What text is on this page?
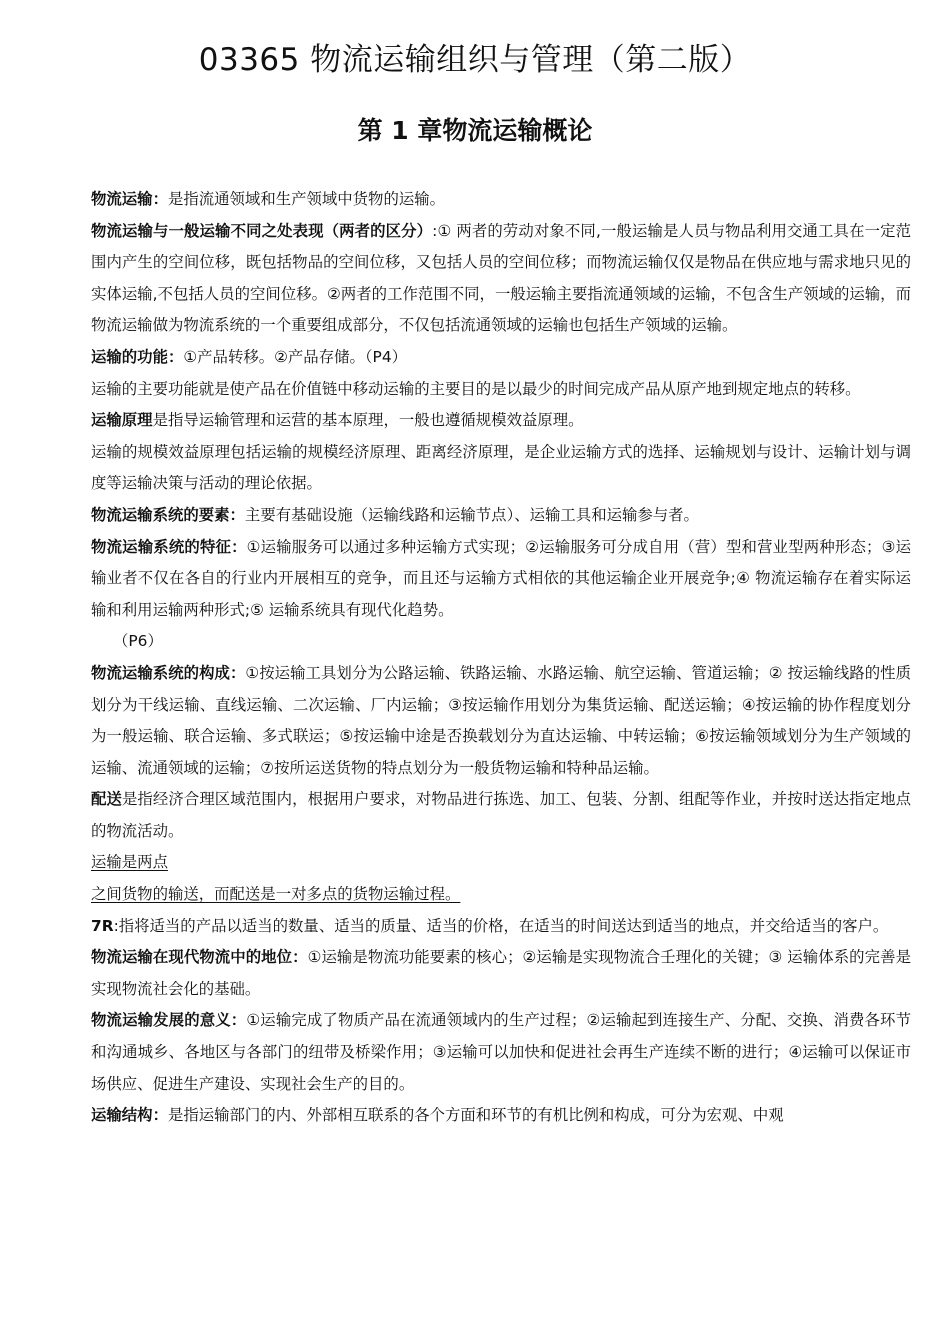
03365 物流运输组织与管理（第二版）
第 1 章物流运输概论

物流运输：是指流通领域和生产领域中货物的运输。

物流运输与一般运输不同之处表现（两者的区分）:① 两者的劳动对象不同,一般运输是人员与物品利用交通工具在一定范围内产生的空间位移，既包括物品的空间位移，又包括人员的空间位移；而物流运输仅仅是物品在供应地与需求地只见的实体运输,不包括人员的空间位移。②两者的工作范围不同，一般运输主要指流通领域的运输，不包含生产领域的运输，而物流运输做为物流系统的一个重要组成部分，不仅包括流通领域的运输也包括生产领域的运输。

运输的功能：①产品转移。②产品存储。（P4）

运输的主要功能就是使产品在价值链中移动运输的主要目的是以最少的时间完成产品从原产地到规定地点的转移。

运输原理是指导运输管理和运营的基本原理，一般也遵循规模效益原理。

运输的规模效益原理包括运输的规模经济原理、距离经济原理，是企业运输方式的选择、运输规划与设计、运输计划与调度等运输决策与活动的理论依据。

物流运输系统的要素：主要有基础设施（运输线路和运输节点）、运输工具和运输参与者。

物流运输系统的特征：①运输服务可以通过多种运输方式实现；②运输服务可分成自用（营）型和营业型两种形态；③运输业者不仅在各自的行业内开展相互的竞争，而且还与运输方式相依的其他运输企业开展竞争;④ 物流运输存在着实际运输和利用运输两种形式;⑤ 运输系统具有现代化趋势。

（P6）

物流运输系统的构成：①按运输工具划分为公路运输、铁路运输、水路运输、航空运输、管道运输；② 按运输线路的性质划分为干线运输、直线运输、二次运输、厂内运输；③按运输作用划分为集货运输、配送运输；④按运输的协作程度划分为一般运输、联合运输、多式联运；⑤按运输中途是否换载划分为直达运输、中转运输；⑥按运输领域划分为生产领域的运输、流通领域的运输；⑦按所运送货物的特点划分为一般货物运输和特种品运输。

配送是指经济合理区域范围内，根据用户要求，对物品进行拣选、加工、包装、分割、组配等作业，并按时送达指定地点的物流活动。

运输是两点

之间货物的输送，而配送是一对多点的货物运输过程。

7R:指将适当的产品以适当的数量、适当的质量、适当的价格，在适当的时间送达到适当的地点，并交给适当的客户。

物流运输在现代物流中的地位：①运输是物流功能要素的核心；②运输是实现物流合壬理化的关键；③ 运输体系的完善是实现物流社会化的基础。

物流运输发展的意义：①运输完成了物质产品在流通领域内的生产过程；②运输起到连接生产、分配、交换、消费各环节和沟通城乡、各地区与各部门的纽带及桥梁作用；③运输可以加快和促进社会再生产连续不断的进行；④运输可以保证市场供应、促进生产建设、实现社会生产的目的。

运输结构：是指运输部门的内、外部相互联系的各个方面和环节的有机比例和构成，可分为宏观、中观
